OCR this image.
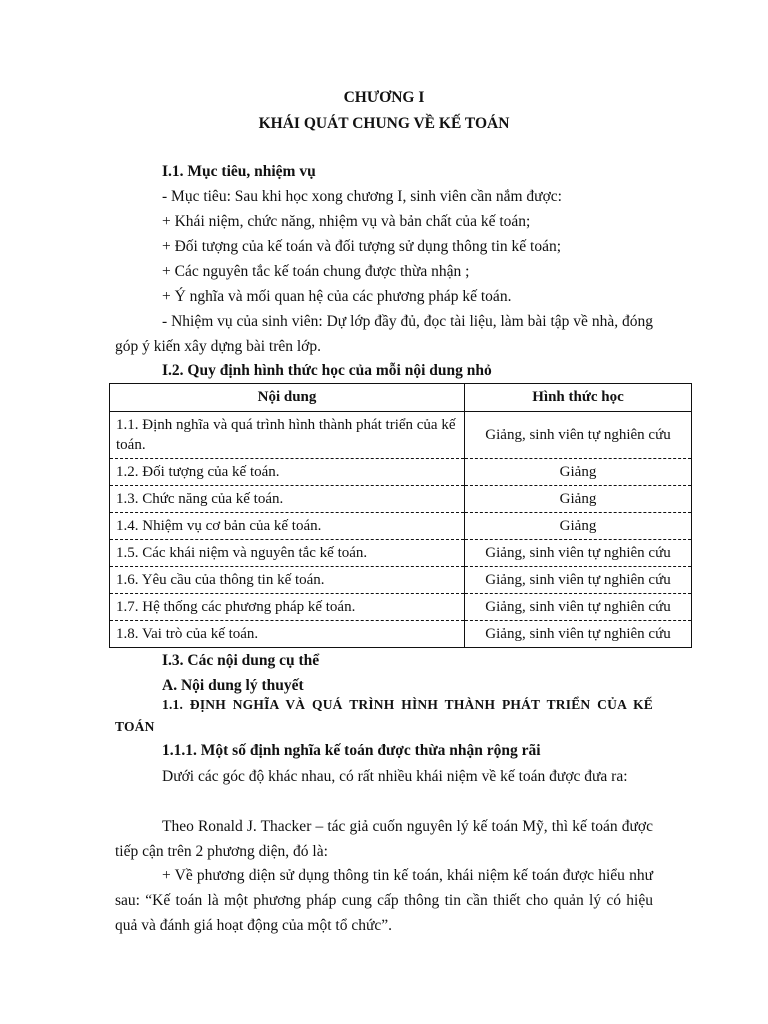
CHƯƠNG I
KHÁI QUÁT CHUNG VỀ KẾ TOÁN
I.1. Mục tiêu, nhiệm vụ
- Mục tiêu: Sau khi học xong chương I, sinh viên cần nắm được:
+ Khái niệm, chức năng, nhiệm vụ và bản chất của kế toán;
+ Đối tượng của kế toán và đối tượng sử dụng thông tin kế toán;
+ Các nguyên tắc kế toán chung được thừa nhận ;
+ Ý nghĩa và mối quan hệ của các phương pháp kế toán.
- Nhiệm vụ của sinh viên: Dự lớp đầy đủ, đọc tài liệu, làm bài tập về nhà, đóng góp ý kiến xây dựng bài trên lớp.
I.2. Quy định hình thức học của mỗi nội dung nhỏ
Nội dung	Hình thức học
1.1. Định nghĩa và quá trình hình thành phát triển của kế toán.	Giảng, sinh viên tự nghiên cứu
1.2. Đối tượng của kế toán.	Giảng
1.3. Chức năng của kế toán.	Giảng
1.4. Nhiệm vụ cơ bản của kế toán.	Giảng
1.5. Các khái niệm và nguyên tắc kế toán.	Giảng, sinh viên tự nghiên cứu
1.6. Yêu cầu của thông tin kế toán.	Giảng, sinh viên tự nghiên cứu
1.7. Hệ thống các phương pháp kế toán.	Giảng, sinh viên tự nghiên cứu
1.8. Vai trò của kế toán.	Giảng, sinh viên tự nghiên cứu
I.3. Các nội dung cụ thể
A. Nội dung lý thuyết
1.1. ĐỊNH NGHĨA VÀ QUÁ TRÌNH HÌNH THÀNH PHÁT TRIỂN CỦA KẾ TOÁN
1.1.1. Một số định nghĩa kế toán được thừa nhận rộng rãi
Dưới các góc độ khác nhau, có rất nhiều khái niệm về kế toán được đưa ra:
Theo Ronald J. Thacker – tác giả cuốn nguyên lý kế toán Mỹ, thì kế toán được tiếp cận trên 2 phương diện, đó là:
+ Về phương diện sử dụng thông tin kế toán, khái niệm kế toán được hiểu như sau: “Kế toán là một phương pháp cung cấp thông tin cần thiết cho quản lý có hiệu quả và đánh giá hoạt động của một tổ chức”.
